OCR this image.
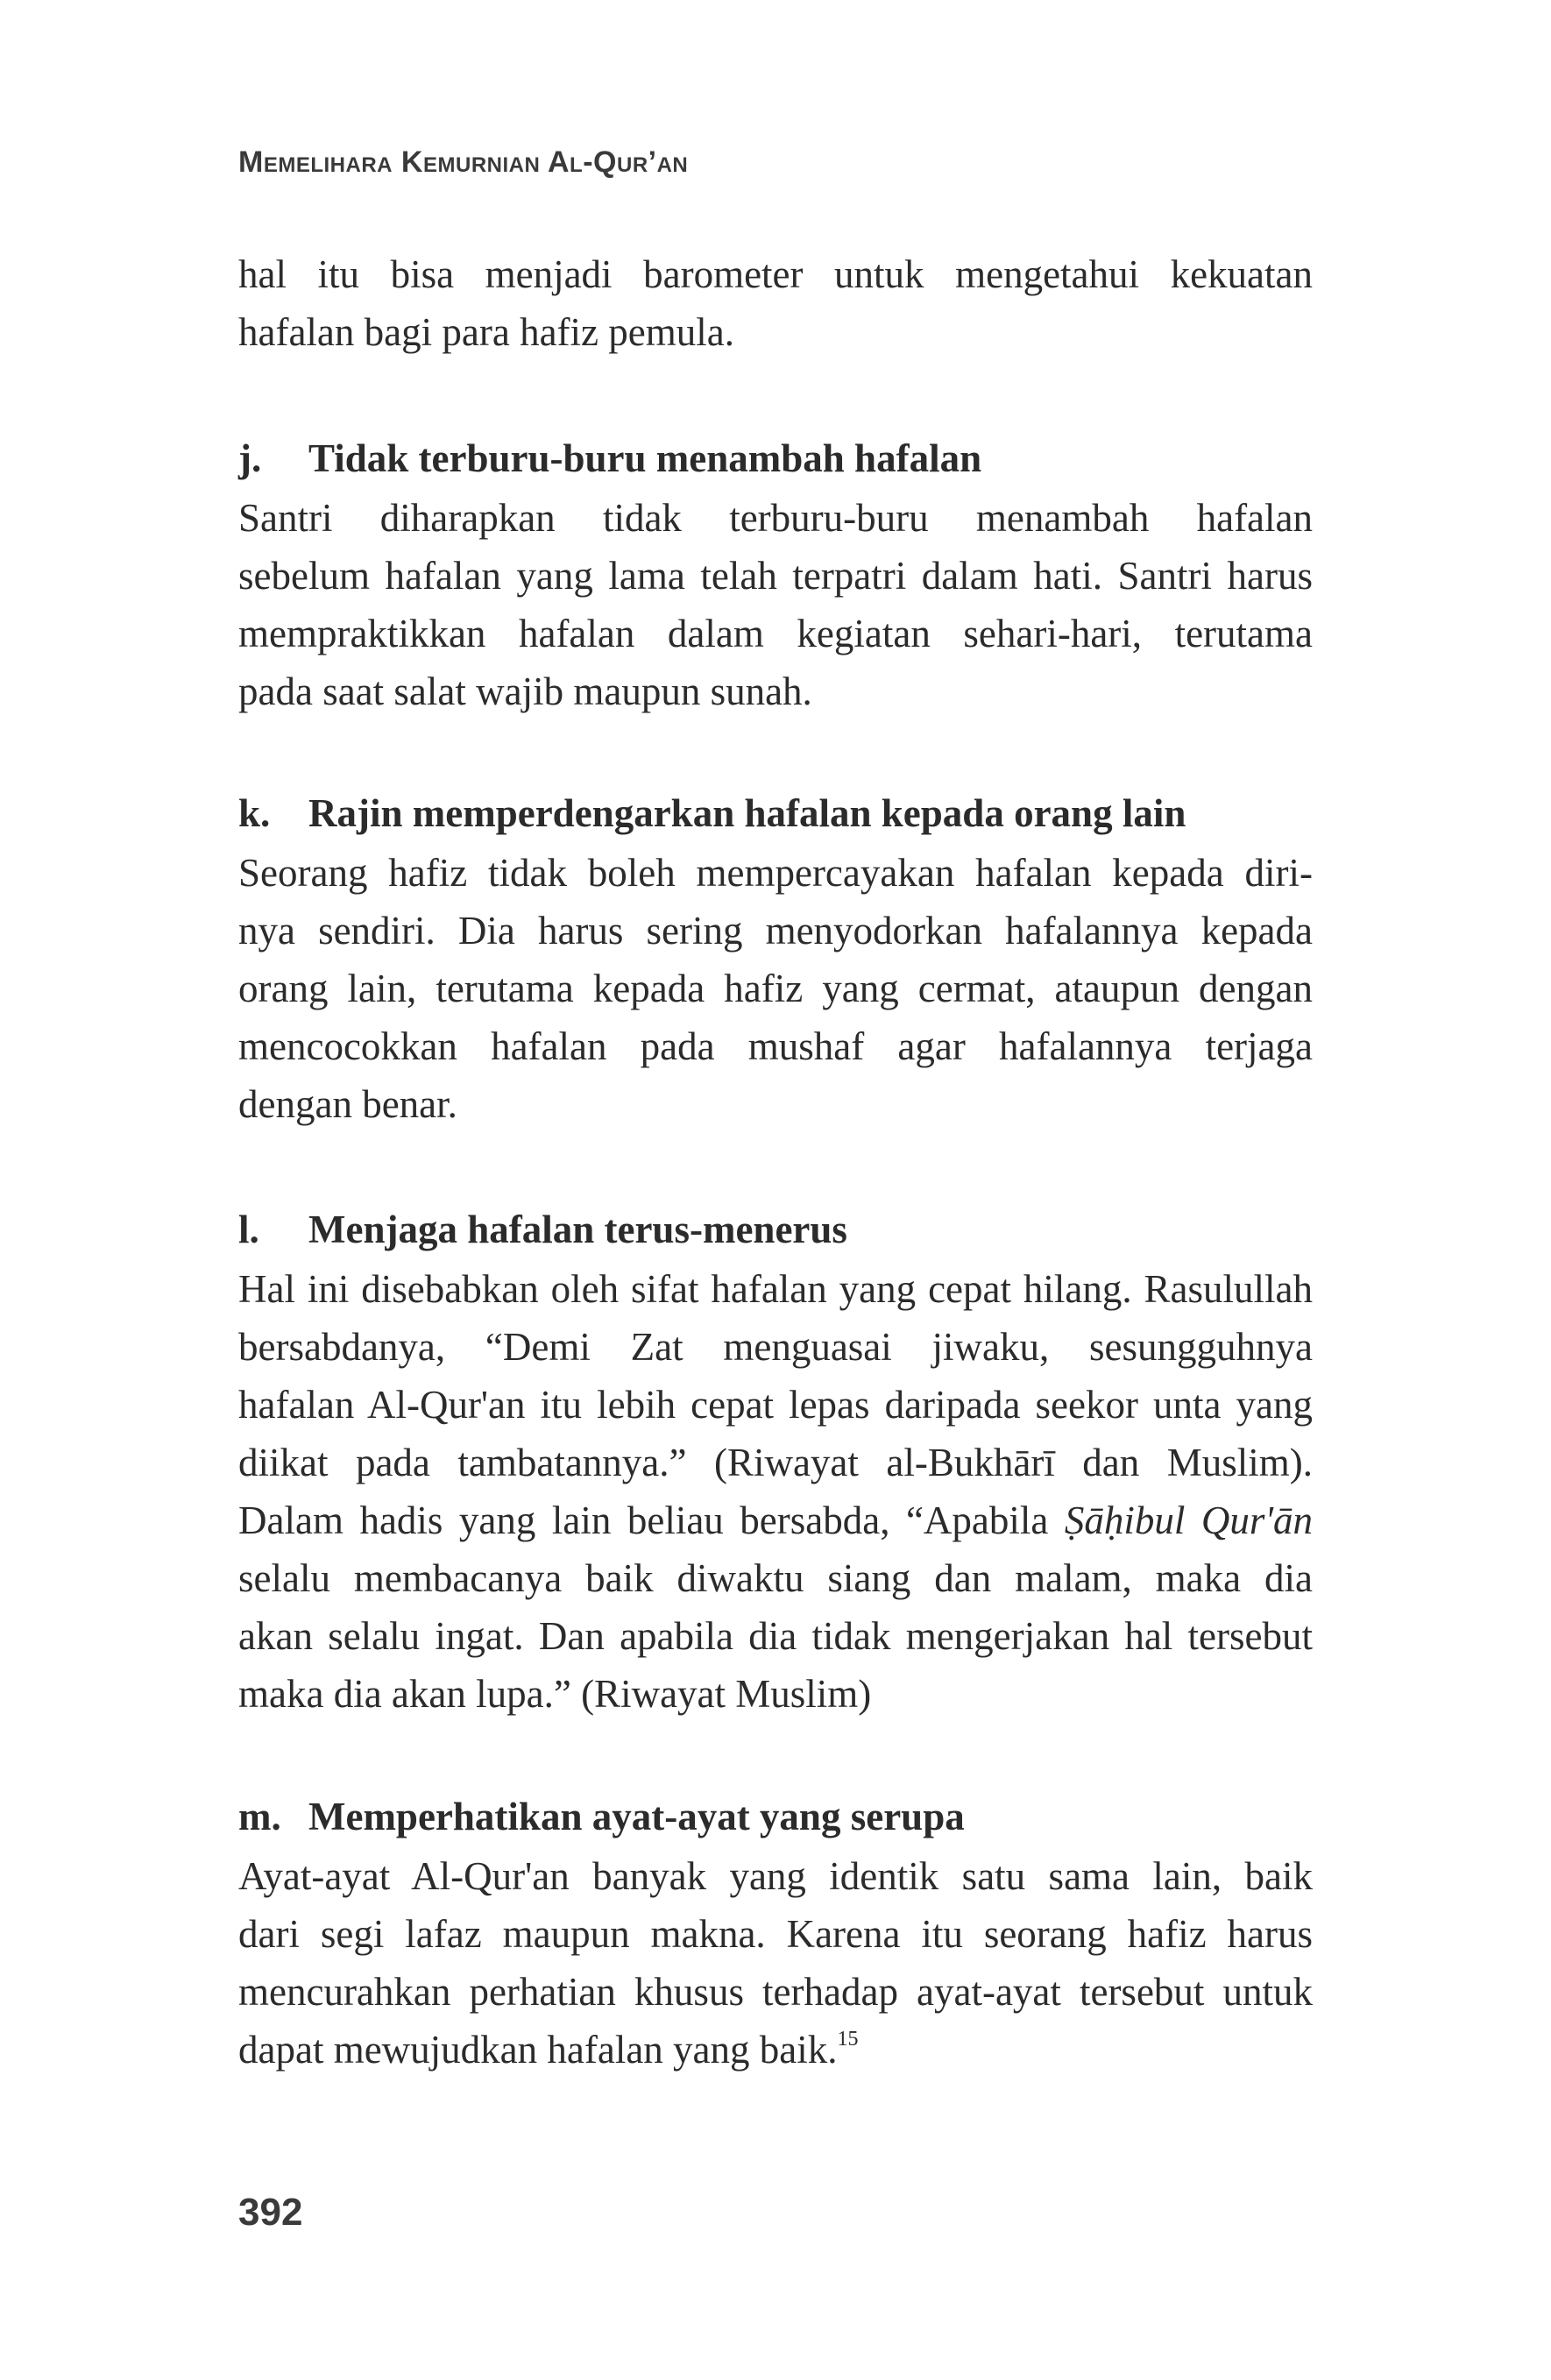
Memelihara Kemurnian Al-Qur’an
hal itu bisa menjadi barometer untuk mengetahui kekuatan
hafalan bagi para hafiz pemula.
j.	Tidak terburu-buru menambah hafalan
Santri diharapkan tidak terburu-buru menambah hafalan
sebelum hafalan yang lama telah terpatri dalam hati. Santri harus
mempraktikkan hafalan dalam kegiatan sehari-hari, terutama
pada saat salat wajib maupun sunah.
k. Rajin memperdengarkan hafalan kepada orang lain
Seorang hafiz tidak boleh mempercayakan hafalan kepada diri-
nya sendiri. Dia harus sering menyodorkan hafalannya kepada
orang lain, terutama kepada hafiz yang cermat, ataupun dengan
mencocokkan hafalan pada mushaf agar hafalannya terjaga
dengan benar.
l.	Menjaga hafalan terus-menerus
Hal ini disebabkan oleh sifat hafalan yang cepat hilang. Rasulullah
bersabdanya, “Demi Zat menguasai jiwaku, sesungguhnya
hafalan Al-Qur'an itu lebih cepat lepas daripada seekor unta yang
diikat pada tambatannya.” (Riwayat al-Bukhārī dan Muslim).
Dalam hadis yang lain beliau bersabda, “Apabila Ṣāḥibul Qur'ān
selalu membacanya baik diwaktu siang dan malam, maka dia
akan selalu ingat. Dan apabila dia tidak mengerjakan hal tersebut
maka dia akan lupa.” (Riwayat Muslim)
m. Memperhatikan ayat-ayat yang serupa
Ayat-ayat Al-Qur'an banyak yang identik satu sama lain, baik
dari segi lafaz maupun makna. Karena itu seorang hafiz harus
mencurahkan perhatian khusus terhadap ayat-ayat tersebut untuk
dapat mewujudkan hafalan yang baik.$^{15}$
392
